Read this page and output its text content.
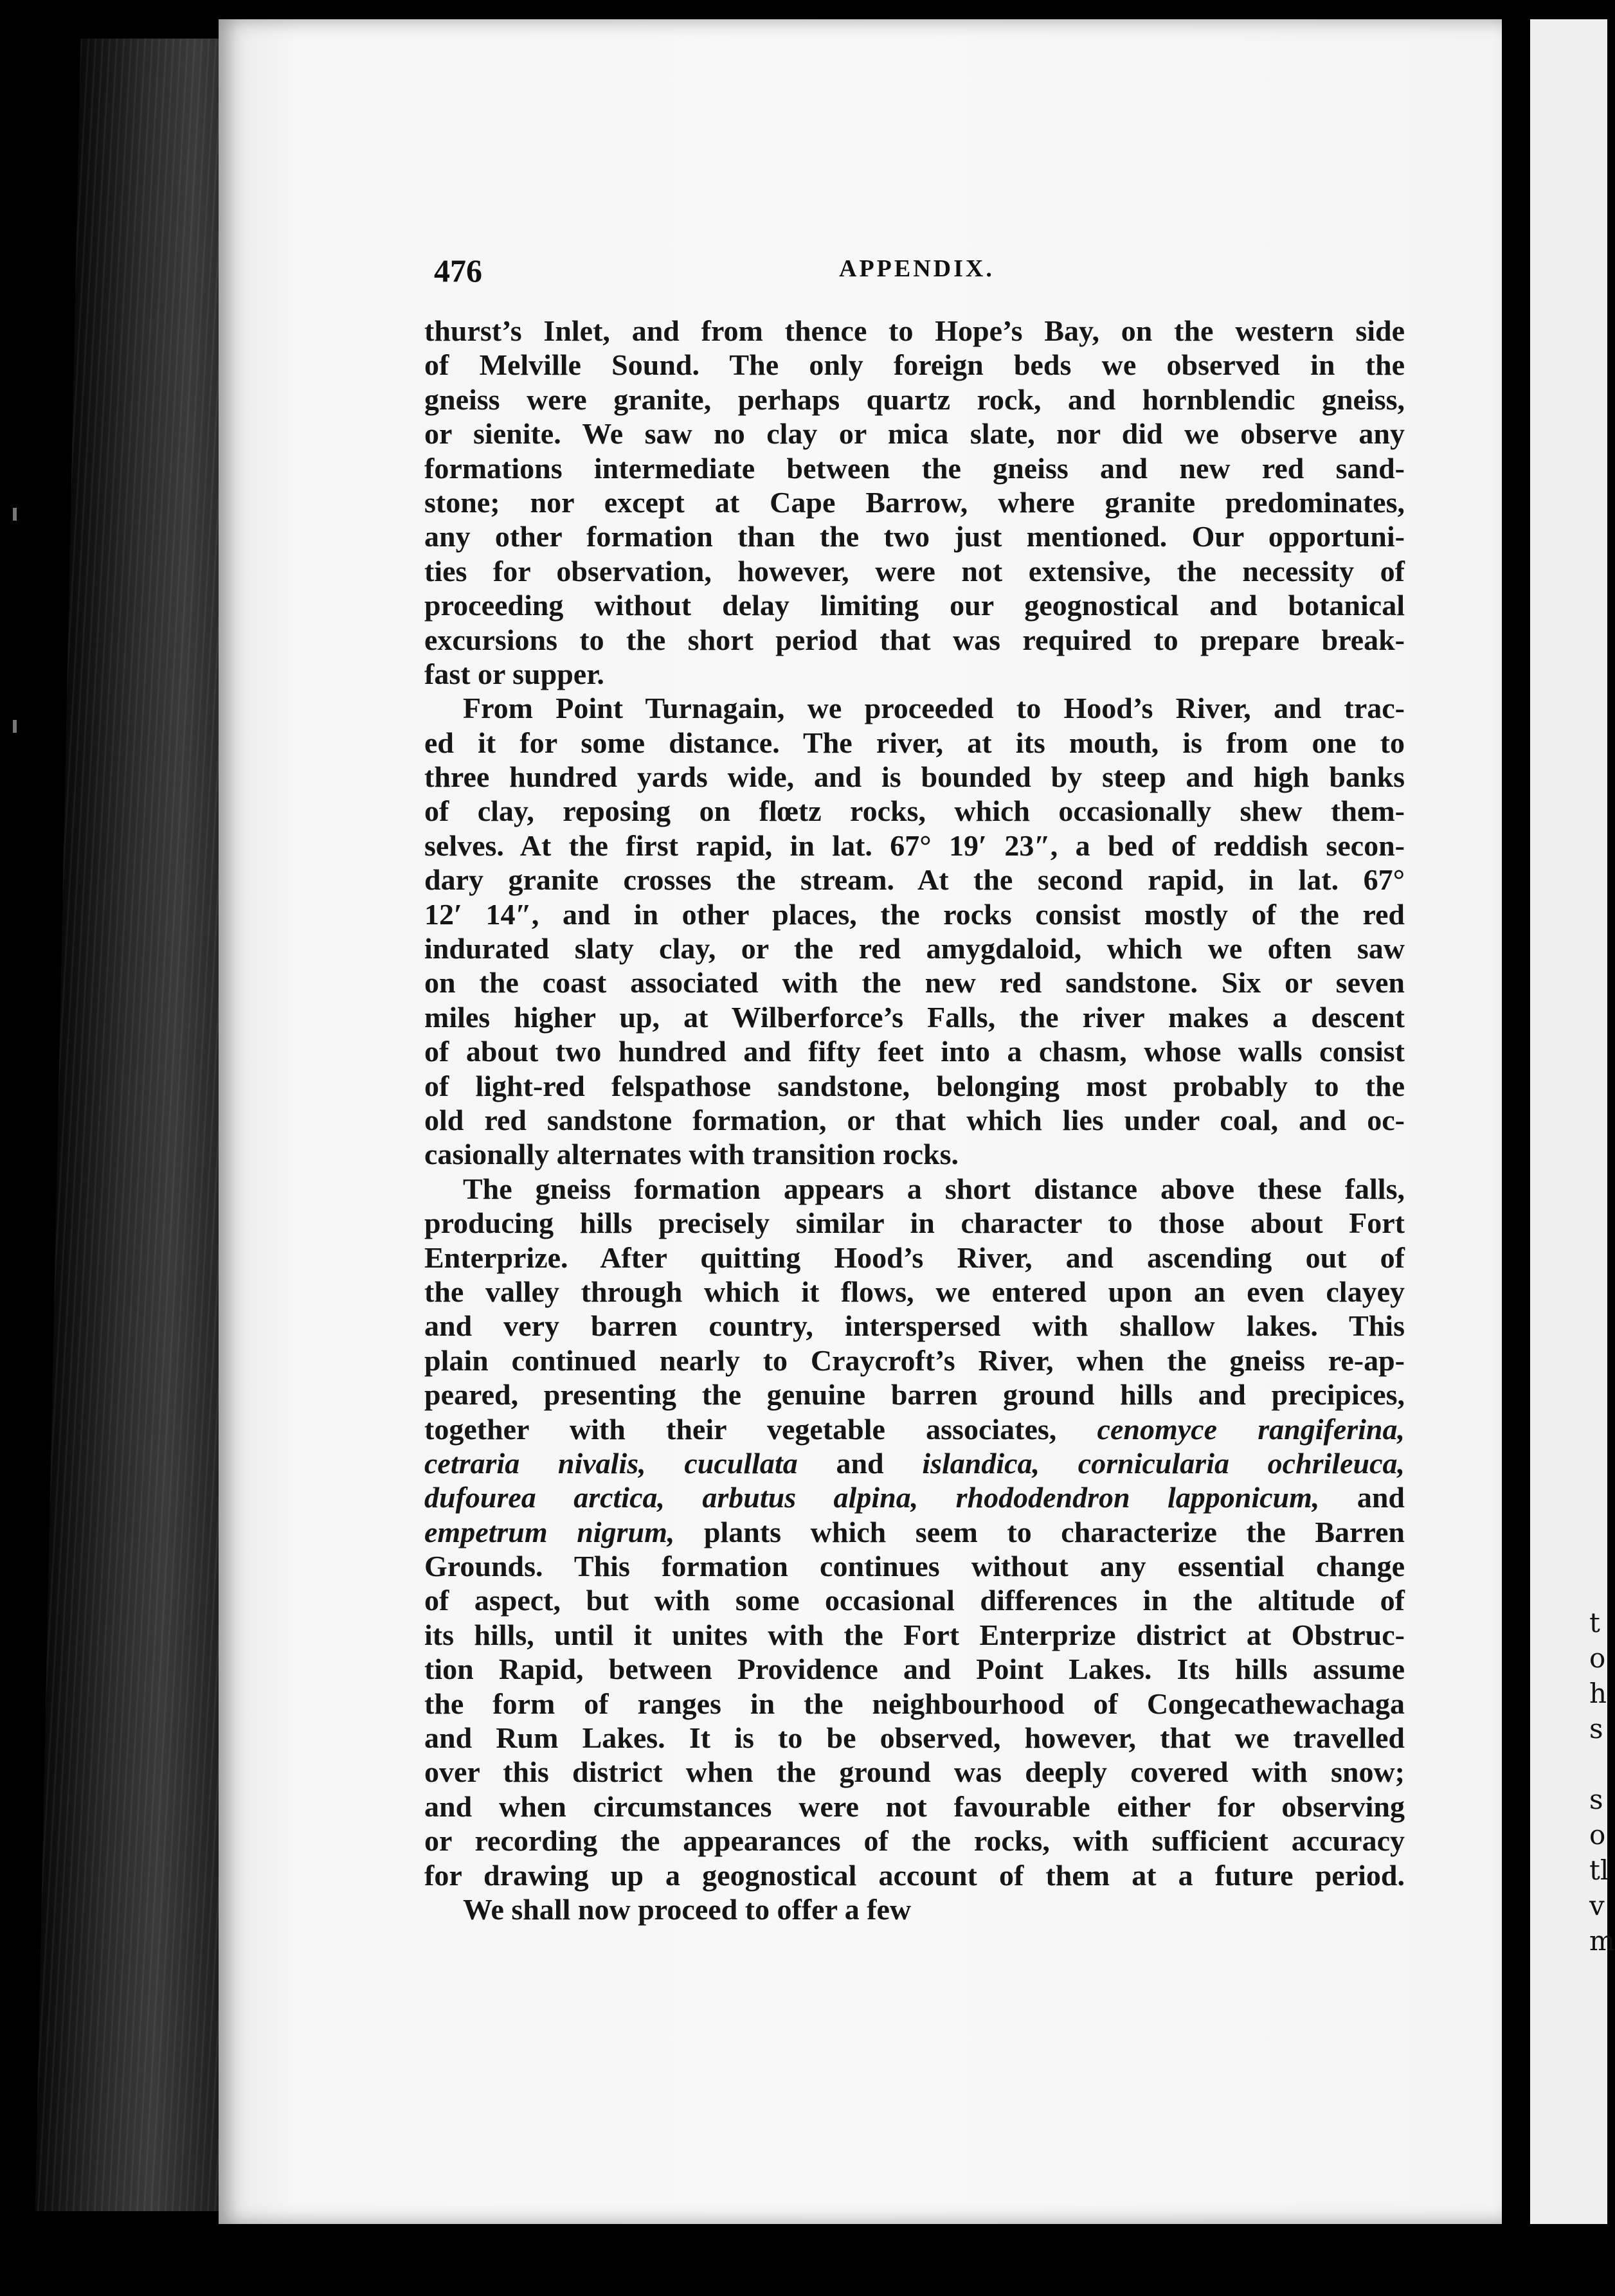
t
o
h
s
s
o
tl
v
m
476	APPENDIX.
thurst’s Inlet, and from thence to Hope’s Bay, on the western side
of Melville Sound. The only foreign beds we observed in the
gneiss were granite, perhaps quartz rock, and hornblendic gneiss,
or sienite. We saw no clay or mica slate, nor did we observe any
formations intermediate between the gneiss and new red sand-
stone; nor except at Cape Barrow, where granite predominates,
any other formation than the two just mentioned. Our opportuni-
ties for observation, however, were not extensive, the necessity of
proceeding without delay limiting our geognostical and botanical
excursions to the short period that was required to prepare break-
fast or supper.
From Point Turnagain, we proceeded to Hood’s River, and trac-
ed it for some distance. The river, at its mouth, is from one to
three hundred yards wide, and is bounded by steep and high banks
of clay, reposing on flœtz rocks, which occasionally shew them-
selves. At the first rapid, in lat. 67° 19′ 23″, a bed of reddish secon-
dary granite crosses the stream. At the second rapid, in lat. 67°
12′ 14″, and in other places, the rocks consist mostly of the red
indurated slaty clay, or the red amygdaloid, which we often saw
on the coast associated with the new red sandstone. Six or seven
miles higher up, at Wilberforce’s Falls, the river makes a descent
of about two hundred and fifty feet into a chasm, whose walls consist
of light-red felspathose sandstone, belonging most probably to the
old red sandstone formation, or that which lies under coal, and oc-
casionally alternates with transition rocks.
The gneiss formation appears a short distance above these falls,
producing hills precisely similar in character to those about Fort
Enterprize. After quitting Hood’s River, and ascending out of
the valley through which it flows, we entered upon an even clayey
and very barren country, interspersed with shallow lakes. This
plain continued nearly to Craycroft’s River, when the gneiss re-ap-
peared, presenting the genuine barren ground hills and precipices,
together with their vegetable associates, cenomyce rangiferina,
cetraria nivalis, cucullata and islandica, cornicularia ochrileuca,
dufourea arctica, arbutus alpina, rhododendron lapponicum, and
empetrum nigrum, plants which seem to characterize the Barren
Grounds. This formation continues without any essential change
of aspect, but with some occasional differences in the altitude of
its hills, until it unites with the Fort Enterprize district at Obstruc-
tion Rapid, between Providence and Point Lakes. Its hills assume
the form of ranges in the neighbourhood of Congecathewachaga
and Rum Lakes. It is to be observed, however, that we travelled
over this district when the ground was deeply covered with snow;
and when circumstances were not favourable either for observing
or recording the appearances of the rocks, with sufficient accuracy
for drawing up a geognostical account of them at a future period.
We shall now proceed to offer a few
